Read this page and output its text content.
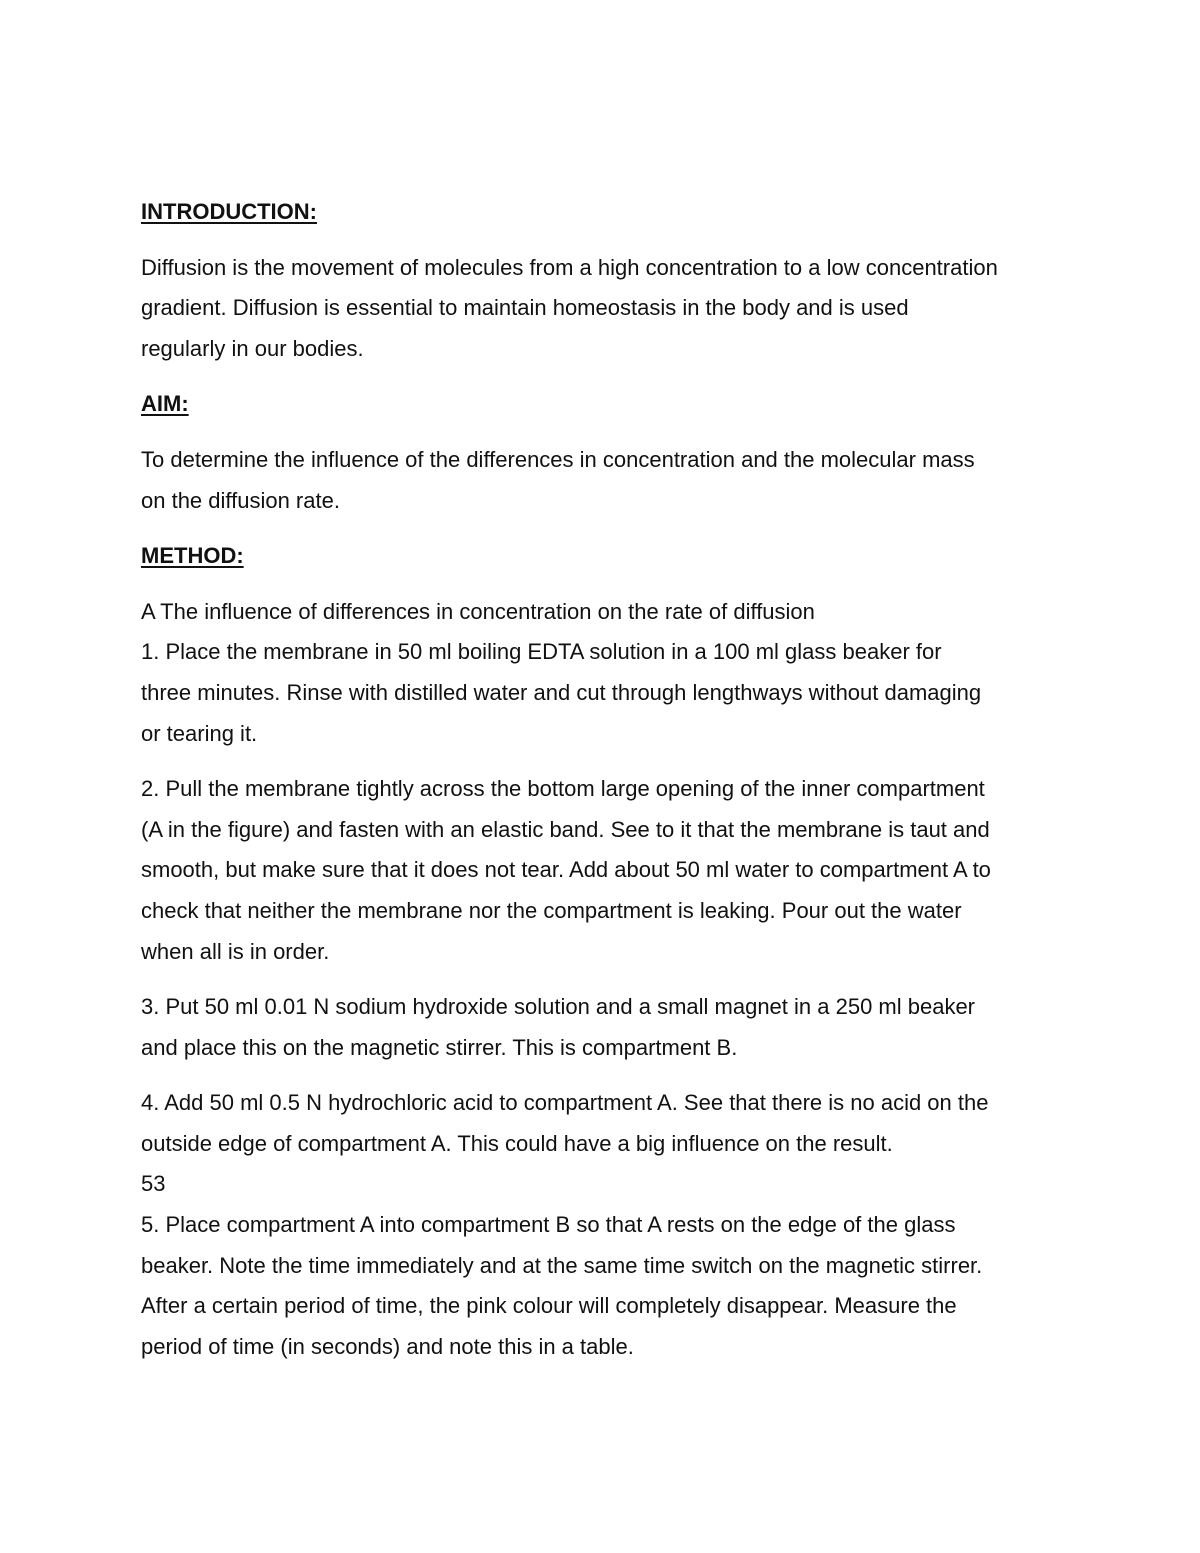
INTRODUCTION:
Diffusion is the movement of molecules from a high concentration to a low concentration
gradient. Diffusion is essential to maintain homeostasis in the body and is used
regularly in our bodies.
AIM:
To determine the influence of the differences in concentration and the molecular mass
on the diffusion rate.
METHOD:
A The influence of differences in concentration on the rate of diffusion
1. Place the membrane in 50 ml boiling EDTA solution in a 100 ml glass beaker for
three minutes. Rinse with distilled water and cut through lengthways without damaging
or tearing it.
2. Pull the membrane tightly across the bottom large opening of the inner compartment
(A in the figure) and fasten with an elastic band. See to it that the membrane is taut and
smooth, but make sure that it does not tear. Add about 50 ml water to compartment A to
check that neither the membrane nor the compartment is leaking. Pour out the water
when all is in order.
3. Put 50 ml 0.01 N sodium hydroxide solution and a small magnet in a 250 ml beaker
and place this on the magnetic stirrer. This is compartment B.
4. Add 50 ml 0.5 N hydrochloric acid to compartment A. See that there is no acid on the
outside edge of compartment A. This could have a big influence on the result.
53
5. Place compartment A into compartment B so that A rests on the edge of the glass
beaker. Note the time immediately and at the same time switch on the magnetic stirrer.
After a certain period of time, the pink colour will completely disappear. Measure the
period of time (in seconds) and note this in a table.
